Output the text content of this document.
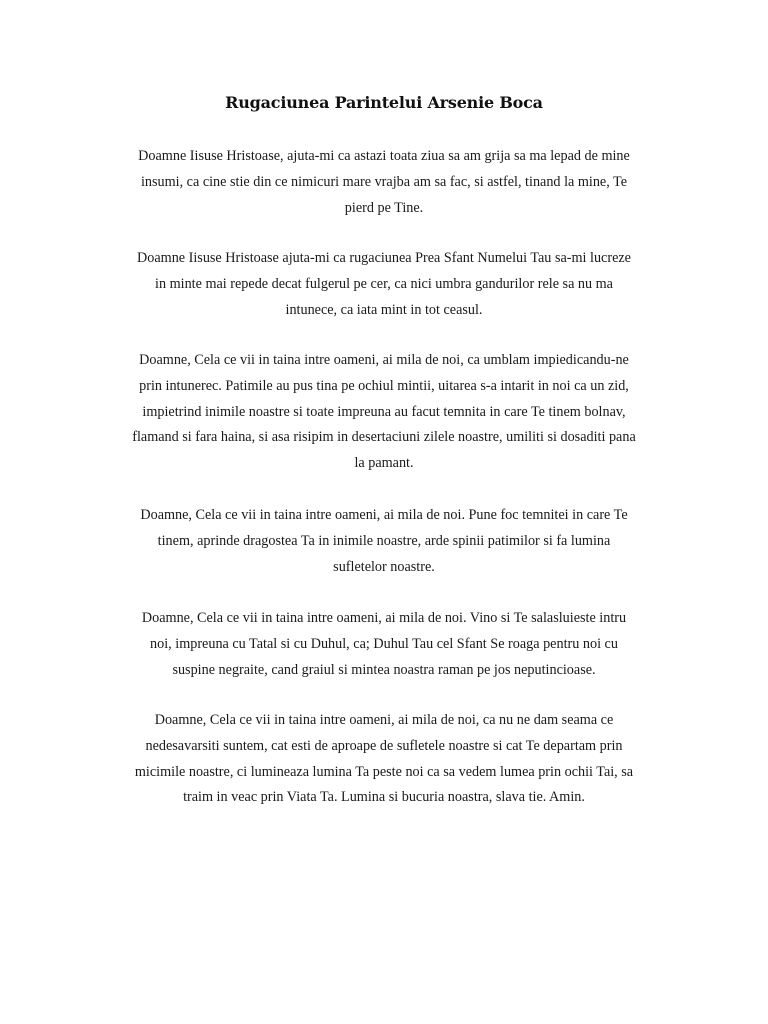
Rugaciunea Parintelui Arsenie Boca
Doamne Iisuse Hristoase, ajuta-mi ca astazi toata ziua sa am grija sa ma lepad de mine
insumi, ca cine stie din ce nimicuri mare vrajba am sa fac, si astfel, tinand la mine, Te
pierd pe Tine.
Doamne Iisuse Hristoase ajuta-mi ca rugaciunea Prea Sfant Numelui Tau sa-mi lucreze
in minte mai repede decat fulgerul pe cer, ca nici umbra gandurilor rele sa nu ma
intunece, ca iata mint in tot ceasul.
Doamne, Cela ce vii in taina intre oameni, ai mila de noi, ca umblam impiedicandu-ne
prin intunerec. Patimile au pus tina pe ochiul mintii, uitarea s-a intarit in noi ca un zid,
impietrind inimile noastre si toate impreuna au facut temnita in care Te tinem bolnav,
flamand si fara haina, si asa risipim in desertaciuni zilele noastre, umiliti si dosaditi pana
la pamant.
Doamne, Cela ce vii in taina intre oameni, ai mila de noi. Pune foc temnitei in care Te
tinem, aprinde dragostea Ta in inimile noastre, arde spinii patimilor si fa lumina
sufletelor noastre.
Doamne, Cela ce vii in taina intre oameni, ai mila de noi. Vino si Te salasluieste intru
noi, impreuna cu Tatal si cu Duhul, ca; Duhul Tau cel Sfant Se roaga pentru noi cu
suspine negraite, cand graiul si mintea noastra raman pe jos neputincioase.
Doamne, Cela ce vii in taina intre oameni, ai mila de noi, ca nu ne dam seama ce
nedesavarsiti suntem, cat esti de aproape de sufletele noastre si cat Te departam prin
micimile noastre, ci lumineaza lumina Ta peste noi ca sa vedem lumea prin ochii Tai, sa
traim in veac prin Viata Ta. Lumina si bucuria noastra, slava tie. Amin.
